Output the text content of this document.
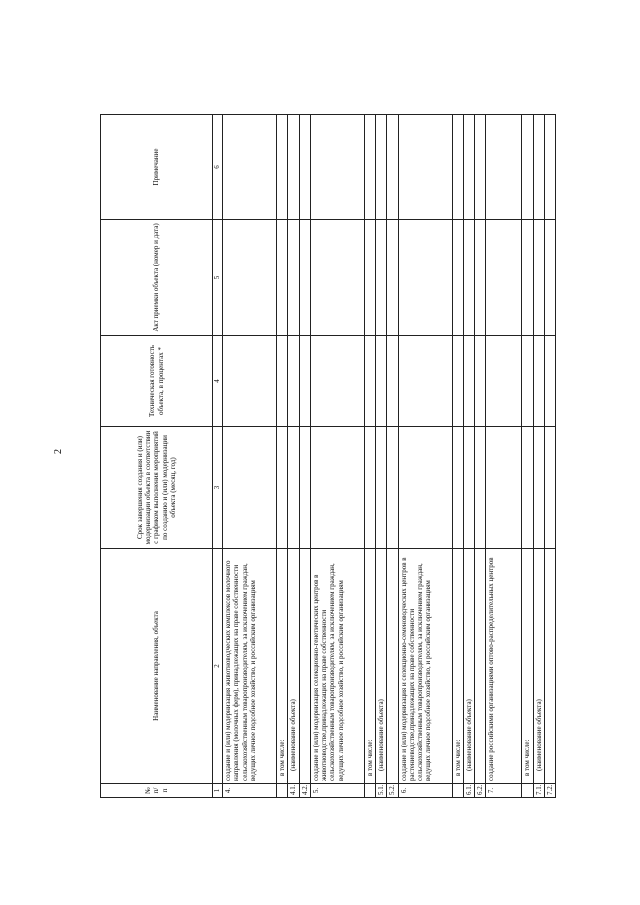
2
№ п/п	Наименование направления, объекта	Срок завершения создания и (или) модернизации объекта в соответствии с графиком выполнения мероприятий по созданию и (или) модернизации объекта (месяц, год)	Техническая готовность объекта, в процентах *	Акт приемки объекта (номер и дата)	Примечание
1	2	3	4	5	6
4.	создание и (или) модернизация животноводческих комплексов молочного направления (молочных ферм), принадлежащих на праве собственности сельскохозяйственным товаропроизводителям, за исключением граждан, ведущих личное подсобное хозяйство, и российским организациям				
	в том числе:				
4.1.	(наименование объекта)				
4.2.					
5.	создание и (или) модернизация селекционно-генетических центров в животноводстве,принадлежащих на праве собственности сельскохозяйственным товаропроизводителям, за исключением граждан, ведущих личное подсобное хозяйство, и российским организациям				
	в том числе:				
5.1.	(наименование объекта)				
5.2.					
6.	создание и (или) модернизация и селекционно-семеноводческих центров в растениеводстве,принадлежащих на праве собственности сельскохозяйственным товаропроизводителям, за исключением граждан, ведущих личное подсобное хозяйство, и российским организациям				
	в том числе:				
6.1.	(наименование объекта)				
6.2.					
7.	создание российскими организациями оптово-распределительных центров				
	в том числе:				
7.1.	(наименование объекта)				
7.2.					
